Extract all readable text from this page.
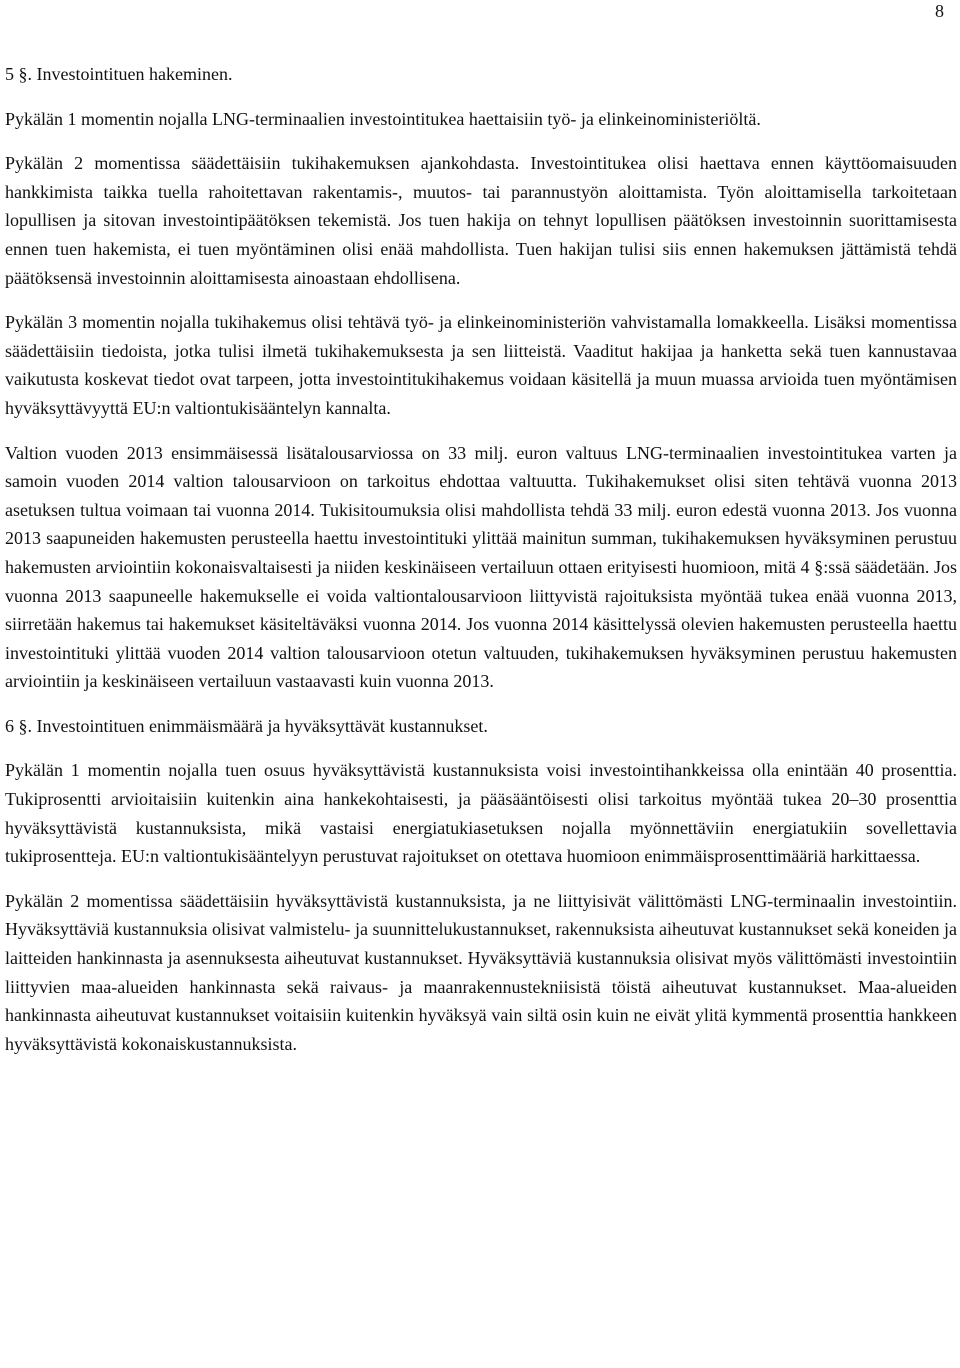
8
5 §. Investointituen hakeminen.

Pykälän 1 momentin nojalla LNG-terminaalien investointitukea haettaisiin työ- ja elinkeinoministeriöltä.

Pykälän 2 momentissa säädettäisiin tukihakemuksen ajankohdasta. Investointitukea olisi haettava ennen käyttöomaisuuden hankkimista taikka tuella rahoitettavan rakentamis-, muutos- tai parannustyön aloittamista. Työn aloittamisella tarkoitetaan lopullisen ja sitovan investointipäätöksen tekemistä. Jos tuen hakija on tehnyt lopullisen päätöksen investoinnin suorittamisesta ennen tuen hakemista, ei tuen myöntäminen olisi enää mahdollista. Tuen hakijan tulisi siis ennen hakemuksen jättämistä tehdä päätöksensä investoinnin aloittamisesta ainoastaan ehdollisena.

Pykälän 3 momentin nojalla tukihakemus olisi tehtävä työ- ja elinkeinoministeriön vahvistamalla lomakkeella. Lisäksi momentissa säädettäisiin tiedoista, jotka tulisi ilmetä tukihakemuksesta ja sen liitteistä. Vaaditut hakijaa ja hanketta sekä tuen kannustavaa vaikutusta koskevat tiedot ovat tarpeen, jotta investointitukihakemus voidaan käsitellä ja muun muassa arvioida tuen myöntämisen hyväksyttävyyttä EU:n valtiontukisääntelyn kannalta.

Valtion vuoden 2013 ensimmäisessä lisätalousarviossa on 33 milj. euron valtuus LNG-terminaalien investointitukea varten ja samoin vuoden 2014 valtion talousarvioon on tarkoitus ehdottaa valtuutta. Tukihakemukset olisi siten tehtävä vuonna 2013 asetuksen tultua voimaan tai vuonna 2014. Tukisitoumuksia olisi mahdollista tehdä 33 milj. euron edestä vuonna 2013. Jos vuonna 2013 saapuneiden hakemusten perusteella haettu investointituki ylittää mainitun summan, tukihakemuksen hyväksyminen perustuu hakemusten arviointiin kokonaisvaltaisesti ja niiden keskinäiseen vertailuun ottaen erityisesti huomioon, mitä 4 §:ssä säädetään. Jos vuonna 2013 saapuneelle hakemukselle ei voida valtiontalousarvioon liittyvistä rajoituksista myöntää tukea enää vuonna 2013, siirretään hakemus tai hakemukset käsiteltäväksi vuonna 2014. Jos vuonna 2014 käsittelyssä olevien hakemusten perusteella haettu investointituki ylittää vuoden 2014 valtion talousarvioon otetun valtuuden, tukihakemuksen hyväksyminen perustuu hakemusten arviointiin ja keskinäiseen vertailuun vastaavasti kuin vuonna 2013.

6 §. Investointituen enimmäismäärä ja hyväksyttävät kustannukset.

Pykälän 1 momentin nojalla tuen osuus hyväksyttävistä kustannuksista voisi investointihankkeissa olla enintään 40 prosenttia. Tukiprosentti arvioitaisiin kuitenkin aina hankekohtaisesti, ja pääsääntöisesti olisi tarkoitus myöntää tukea 20–30 prosenttia hyväksyttävistä kustannuksista, mikä vastaisi energiatukiasetuksen nojalla myönnettäviin energiatukiin sovellettavia tukiprosentteja. EU:n valtiontukisääntelyyn perustuvat rajoitukset on otettava huomioon enimmäisprosenttimääriä harkittaessa.

Pykälän 2 momentissa säädettäisiin hyväksyttävistä kustannuksista, ja ne liittyisivät välittömästi LNG-terminaalin investointiin. Hyväksyttäviä kustannuksia olisivat valmistelu- ja suunnittelukustannukset, rakennuksista aiheutuvat kustannukset sekä koneiden ja laitteiden hankinnasta ja asennuksesta aiheutuvat kustannukset. Hyväksyttäviä kustannuksia olisivat myös välittömästi investointiin liittyvien maa-alueiden hankinnasta sekä raivaus- ja maanrakennustekniisistä töistä aiheutuvat kustannukset. Maa-alueiden hankinnasta aiheutuvat kustannukset voitaisiin kuitenkin hyväksyä vain siltä osin kuin ne eivät ylitä kymmentä prosenttia hankkeen hyväksyttävistä kokonaiskustannuksista.
